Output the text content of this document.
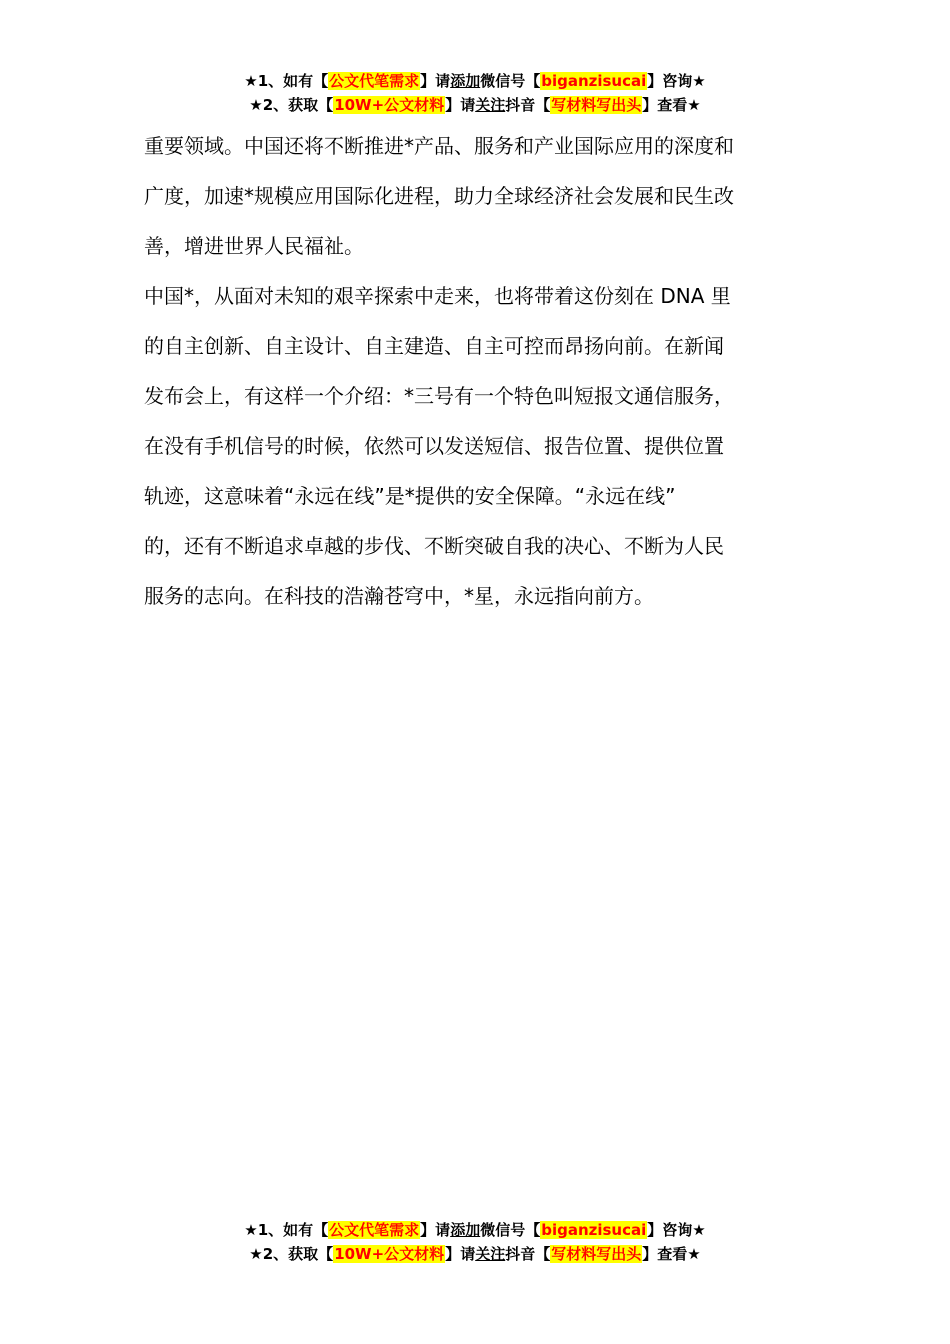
★1、如有【公文代笔需求】请添加微信号【biganzisucai】咨询★
★2、获取【10W+公文材料】请关注抖音【写材料写出头】查看★
重要领域。中国还将不断推进*产品、服务和产业国际应用的深度和
广度，加速*规模应用国际化进程，助力全球经济社会发展和民生改
善，增进世界人民福祉。
中国*，从面对未知的艰辛探索中走来，也将带着这份刻在 DNA 里
的自主创新、自主设计、自主建造、自主可控而昂扬向前。在新闻
发布会上，有这样一个介绍：*三号有一个特色叫短报文通信服务，
在没有手机信号的时候，依然可以发送短信、报告位置、提供位置
轨迹，这意味着“永远在线”是*提供的安全保障。“永远在线”
的，还有不断追求卓越的步伐、不断突破自我的决心、不断为人民
服务的志向。在科技的浩瀚苍穹中，*星，永远指向前方。
★1、如有【公文代笔需求】请添加微信号【biganzisucai】咨询★
★2、获取【10W+公文材料】请关注抖音【写材料写出头】查看★
